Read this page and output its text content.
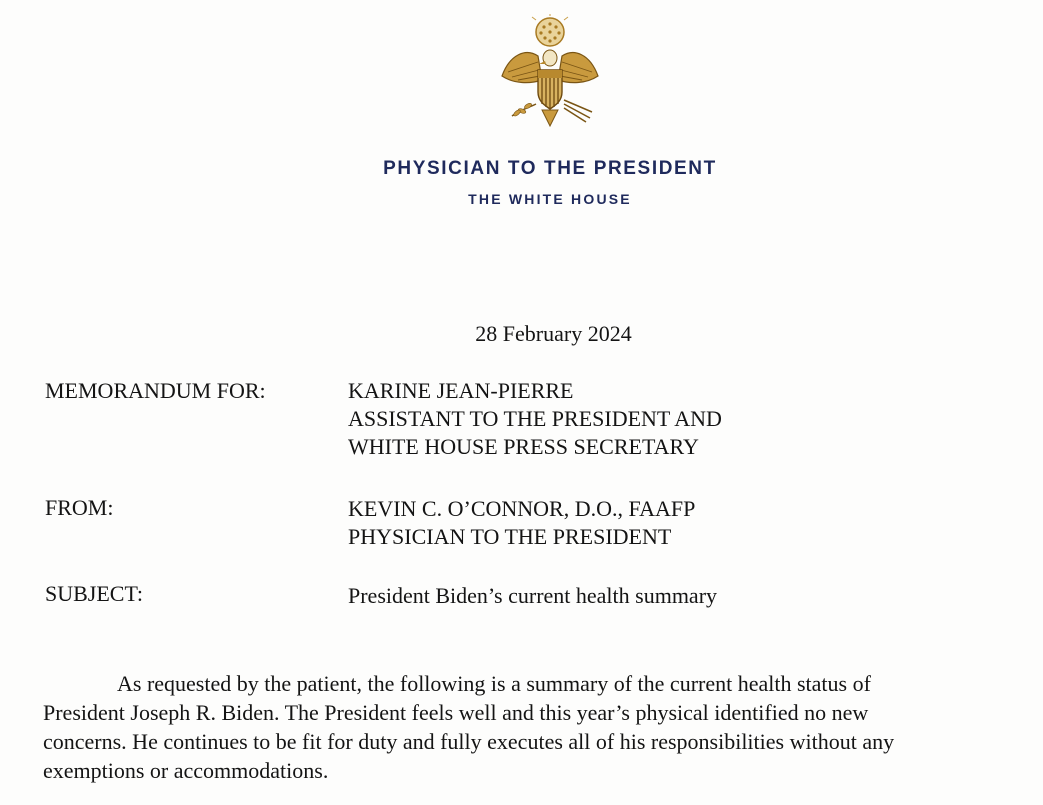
PHYSICIAN TO THE PRESIDENT
THE WHITE HOUSE
28 February 2024
MEMORANDUM FOR:	KARINE JEAN-PIERRE
ASSISTANT TO THE PRESIDENT AND
WHITE HOUSE PRESS SECRETARY
FROM:	KEVIN C. O’CONNOR, D.O., FAAFP
PHYSICIAN TO THE PRESIDENT
SUBJECT:	President Biden’s current health summary
As requested by the patient, the following is a summary of the current health status of
President Joseph R. Biden. The President feels well and this year’s physical identified no new
concerns. He continues to be fit for duty and fully executes all of his responsibilities without any
exemptions or accommodations.
